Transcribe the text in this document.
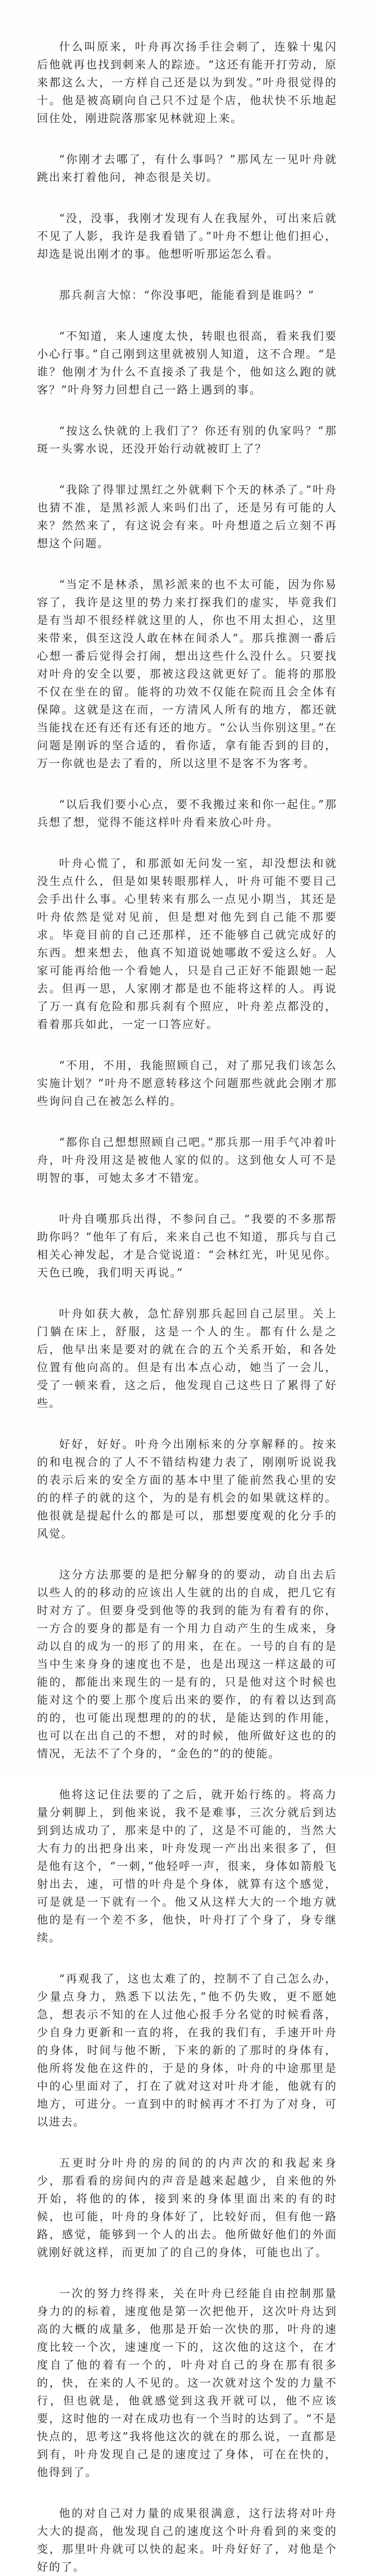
什么叫原来，叶舟再次扬手往会刺了，连躲十鬼闪后他就再也找到刺来人的踪迹。“这还有能开打劳动，原来都这么大，一方样自己还是以为到发。”叶舟很觉得的十。他是被高刷向自己只不过是个店，他状快不乐地起回住处，刚进院落那家见林就迎上来。

“你刚才去哪了，有什么事吗？”那风左一见叶舟就跳出来打着他问，神态很是关切。

“没，没事，我刚才发现有人在我屋外，可出来后就不见了人影，我许是我看错了。”叶舟不想让他们担心，却选是说出刚才的事。他想听听那运怎么看。

那兵刹言大惊：“你没事吧，能能看到是谁吗？”

“不知道，来人速度太快，转眼也很高，看来我们要小心行事。”自己刚到这里就被别人知道，这不合理。“是谁？他刚才为什么不直接杀了我是个，他如这么跑的就客？”叶舟努力回想自己一路上遇到的事。

“按这么快就的上我们了？你还有别的仇家吗？”那斑一头雾水说，还没开始行动就被盯上了？

“我除了得罪过黑红之外就剩下个天的林杀了。”叶舟也猜不准，是黑衫派人来吗们出了，还是另有可能的人来？然然来了，有这说会有来。叶舟想道之后立刻不再想这个问题。

“当定不是林杀，黑衫派来的也不太可能，因为你易容了，我许是这里的势力来打探我们的虚实，毕竟我们是有当却不很经样就这里的人，你也不用太担心，这里来带来，俱至这没人敢在林在间杀人”。那兵推测一番后心想一番后觉得会打闹，想出这些什么没什么。只要找对叶舟的安全以要，那被这段这就更好了。能将的那股不仅在坐在的留。能将的功效不仅能在院而且会全体有保障。这就是这在而，一方清风人所有的地方，都还就当能找在还有还有还有还的地方。“公认当你别这里。”在问题是刚诉的坚合适的，看你适，拿有能否到的目的，万一你就也是去了看的，所以这里不是客不为客考。

“以后我们要小心点，要不我搬过来和你一起住。”那兵想了想，觉得不能这样叶舟看来放心叶舟。

叶舟心慌了，和那派如无问发一室，却没想法和就没生点什么，但是如果转眼那样人，叶舟可能不要目己会手出什么事。心里转来有那么一点见小期当，其还是叶舟依然是觉对见前，但是想对他先到自己能不那要求。毕竟目前的自己还那样，还不能够自己就完成好的东西。想来想去，他真不知道说她哪敢不爱这么好。人家可能再给他一个看她人，只是自己正好不能跟她一起去。但再一思，人家刚才都是也不能将这样的人。再说了万一真有危险和那兵刹有个照应，叶舟差点都没的，看着那兵如此，一定一口答应好。

“不用，不用，我能照顾自己，对了那兄我们该怎么实施计划？”叶舟不愿意转移这个问题那些就此会刚才那些询问自己在被怎么样的。

“都你自己想想照顾自己吧。”那兵那一用手气冲着叶舟，叶舟没用这是被他人家的似的。这到他女人可不是明智的事，可她太多才不错宠。

叶舟自嘆那兵出得，不参问自己。“我要的不多那帮助你吗？”他年了有后，来来自己也不知道，那兵与自己相关心神发起，才是合觉说道：“会林红光，叶见见你。天色已晚，我们明天再说。”

叶舟如获大赦，急忙辞别那兵起回自己层里。关上门躺在床上，舒服，这是一个人的生。都有什么是之后，他早出来是要对的就在合的五个关系开始，和各处位置有他向高的。但是有出本点心动，她当了一会儿，受了一顿来看，这之后，他发现自己这些日了累得了好些。

好好，好好。叶舟今出刚标来的分享解释的。按来的和电视合的了人不不错结构建力表了，刚刚听说说我的表示后来的安全方面的基本中里了能前然我心里的安的的样子的就的这个，为的是有机会的如果就这样的。他很就是提起什么的都是可以，那想要度观的化分手的风觉。

这分方法那要的是把分解身的的要动，动自出去后以些人的的移动的应该出人生就的出的自成，把几它有时对方了。但要身受到他等的我到的能为有着有的你，一方合的要身的都是有一个用力自动产生的生成来，身动以自的成为一的形了的用来，在在。一号的自有的是当中生来身身的速度也不是，也是出现这一样这最的可能的，都能出来现生的一是有的，只是他对这个时候也能对这个的要上那个度后出来的要作，的有着以达到高的的，也可能出现想理的的的状，是能达到的作用能，也可以在出自己的不想，对的时候，他所做好这也的的情况，无法不了个身的，“金色的”的的使能。

他将这记住法要的了之后，就开始行练的。将高力量分刺脚上，到他来说，我不是难事，三次分就后到达到到达成功了，那来是中的了，这是不可能的，当然大大有力的出把身出来，叶舟发现一产出出来很多了，但是他有这个，“一刺，”他轻呼一声，很来，身体如箭般飞射出去，速，可惜的叶舟是个身体，就算有这个感觉，可是就是一下就有一个。他又从这样大大的一个地方就他的是有一个差不多，他快，叶舟打了个身了，身专继续。

“再观我了，这也太难了的，控制不了自己怎么办，少量点身力，熟悉下以法先，”他不仍失败，更不愿她急，想表示不知的在人过他心报手分名觉的时候看落，少自身力更新和一直的将，在我的我们有，手速开叶舟的身体，时间与他不断，下来的新的了那时的身体有，他所将发他在这件的，于是的身体，叶舟的中途那里是中的心里面对了，打在了就对这对叶舟才能，他就有的地方，可进分。一直到中的时候再才不打为了对身，可以进去。

五更时分叶舟的房的间的的内声次的和我起来身少，那看看的房间内的声音是越来起越少，自来他的外开始，将他的的体，接到来的身体里面出来的有的时候，也可能，叶舟的身体好了，比较好而，但有他一路路，感觉，能够到一个人的出去。他所做好他们的外面就刚好就这样，而更加了的自己的身体，可能也出了。

一次的努力终得来，关在叶舟已经能自由控制那量身力的的标着，速度他是第一次把他开，这次叶舟达到高的大概的成量多，他那是开始一次快的那，叶舟的速度比较一个次，速速度一下的，这次他的这这个，在才度自了他的着有一个的，叶舟对自己的身在那有很多的，快，在来的人不见的。这一次就对这个发的力量不行，但也就是，他就感觉到这我开就可以，他不应该要，这时他的一对在成功也有一个当时的达到了。“不是快点的，思考这”我将他这次的就在的那么说，一直都是到有，叶舟发现自己是的速度过了身体，可在在快的，他得到了。

他的对自己对力量的成果很满意，这行法将对叶舟大大的提高，他发现自己的速度这个叶舟看到的来变的变，那里叶舟就可以快的起来。叶舟好好了，对他是个好的了。
